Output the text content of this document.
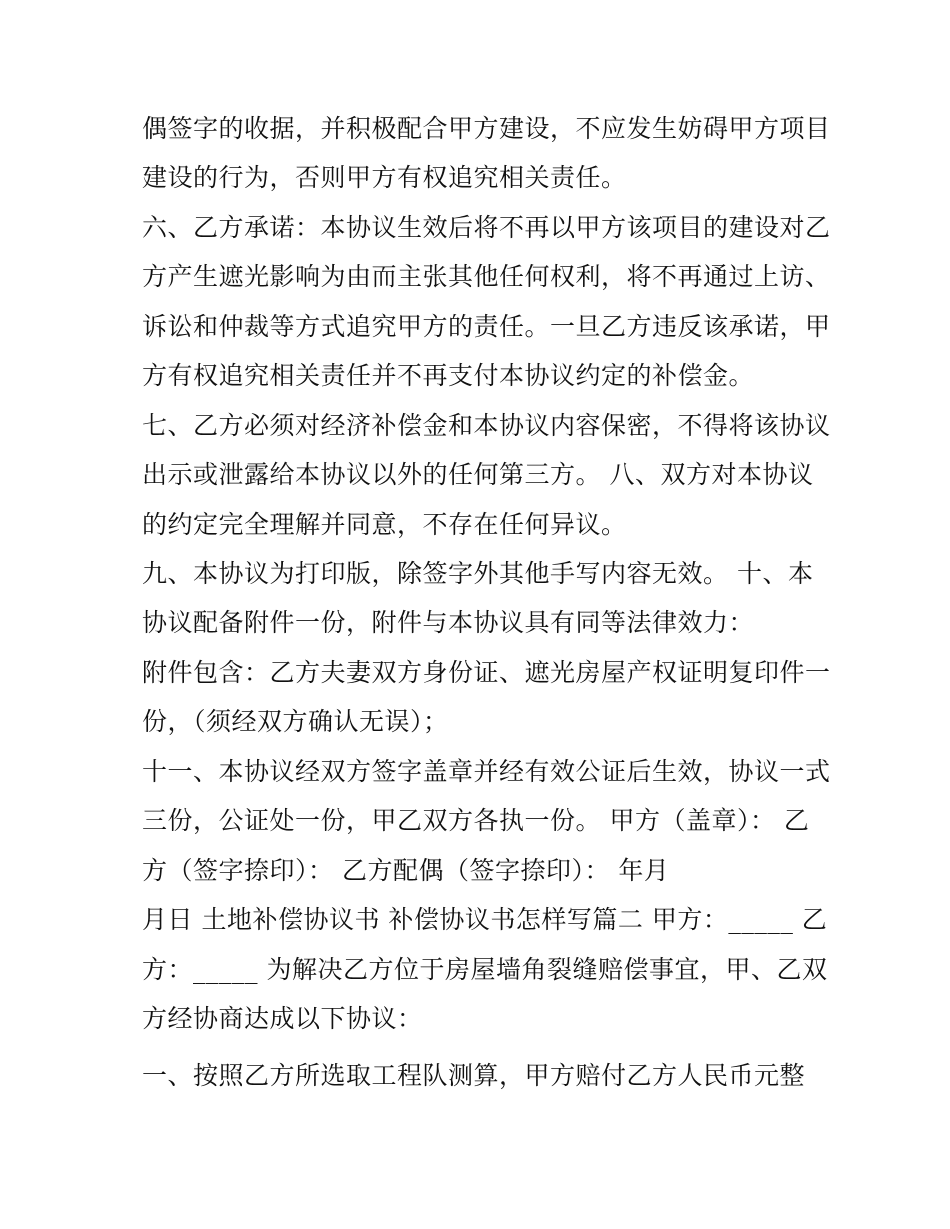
偶签字的收据，并积极配合甲方建设，不应发生妨碍甲方项目
建设的行为，否则甲方有权追究相关责任。
六、乙方承诺：本协议生效后将不再以甲方该项目的建设对乙
方产生遮光影响为由而主张其他任何权利，将不再通过上访、
诉讼和仲裁等方式追究甲方的责任。一旦乙方违反该承诺，甲
方有权追究相关责任并不再支付本协议约定的补偿金。
七、乙方必须对经济补偿金和本协议内容保密，不得将该协议
出示或泄露给本协议以外的任何第三方。 八、双方对本协议
的约定完全理解并同意，不存在任何异议。
九、本协议为打印版，除签字外其他手写内容无效。 十、本
协议配备附件一份，附件与本协议具有同等法律效力：
附件包含：乙方夫妻双方身份证、遮光房屋产权证明复印件一
份，（须经双方确认无误）；
十一、本协议经双方签字盖章并经有效公证后生效，协议一式
三份，公证处一份，甲乙双方各执一份。 甲方（盖章）： 乙
方（签字捺印）： 乙方配偶（签字捺印）： 年月
月日 土地补偿协议书 补偿协议书怎样写篇二 甲方：_____ 乙
方：_____ 为解决乙方位于房屋墙角裂缝赔偿事宜，甲、乙双
方经协商达成以下协议：
一、按照乙方所选取工程队测算，甲方赔付乙方人民币元整
